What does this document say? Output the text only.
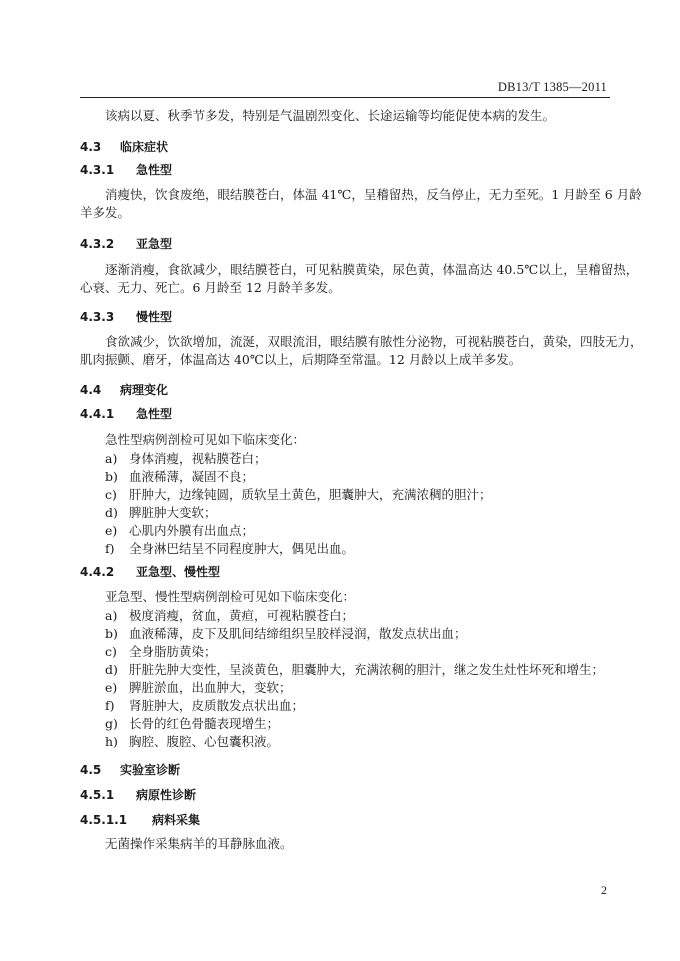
DB13/T 1385—2011
该病以夏、秋季节多发，特别是气温剧烈变化、长途运输等均能促使本病的发生。
4.3 临床症状
4.3.1 急性型
消瘦快，饮食废绝，眼结膜苍白，体温 41℃，呈稽留热，反刍停止，无力至死。1 月龄至 6 月龄
羊多发。
4.3.2 亚急型
逐渐消瘦，食欲减少，眼结膜苍白，可见粘膜黄染，尿色黄，体温高达 40.5℃以上，呈稽留热，
心衰、无力、死亡。6 月龄至 12 月龄羊多发。
4.3.3 慢性型
食欲减少，饮欲增加，流涎，双眼流泪，眼结膜有脓性分泌物，可视粘膜苍白，黄染，四肢无力，
肌肉振颤、磨牙，体温高达 40℃以上，后期降至常温。12 月龄以上成羊多发。
4.4 病理变化
4.4.1 急性型
急性型病例剖检可见如下临床变化：
a) 身体消瘦，视粘膜苍白；
b) 血液稀薄，凝固不良；
c) 肝肿大，边缘钝圆，质软呈土黄色，胆囊肿大，充满浓稠的胆汁；
d) 脾脏肿大变软；
e) 心肌内外膜有出血点；
f) 全身淋巴结呈不同程度肿大，偶见出血。
4.4.2 亚急型、慢性型
亚急型、慢性型病例剖检可见如下临床变化：
a) 极度消瘦，贫血，黄疸，可视粘膜苍白；
b) 血液稀薄，皮下及肌间结缔组织呈胶样浸润，散发点状出血；
c) 全身脂肪黄染；
d) 肝脏先肿大变性，呈淡黄色，胆囊肿大，充满浓稠的胆汁，继之发生灶性坏死和增生；
e) 脾脏淤血，出血肿大，变软；
f) 肾脏肿大，皮质散发点状出血；
g) 长骨的红色骨髓表现增生；
h) 胸腔、腹腔、心包囊积液。
4.5 实验室诊断
4.5.1 病原性诊断
4.5.1.1 病料采集
无菌操作采集病羊的耳静脉血液。
2
